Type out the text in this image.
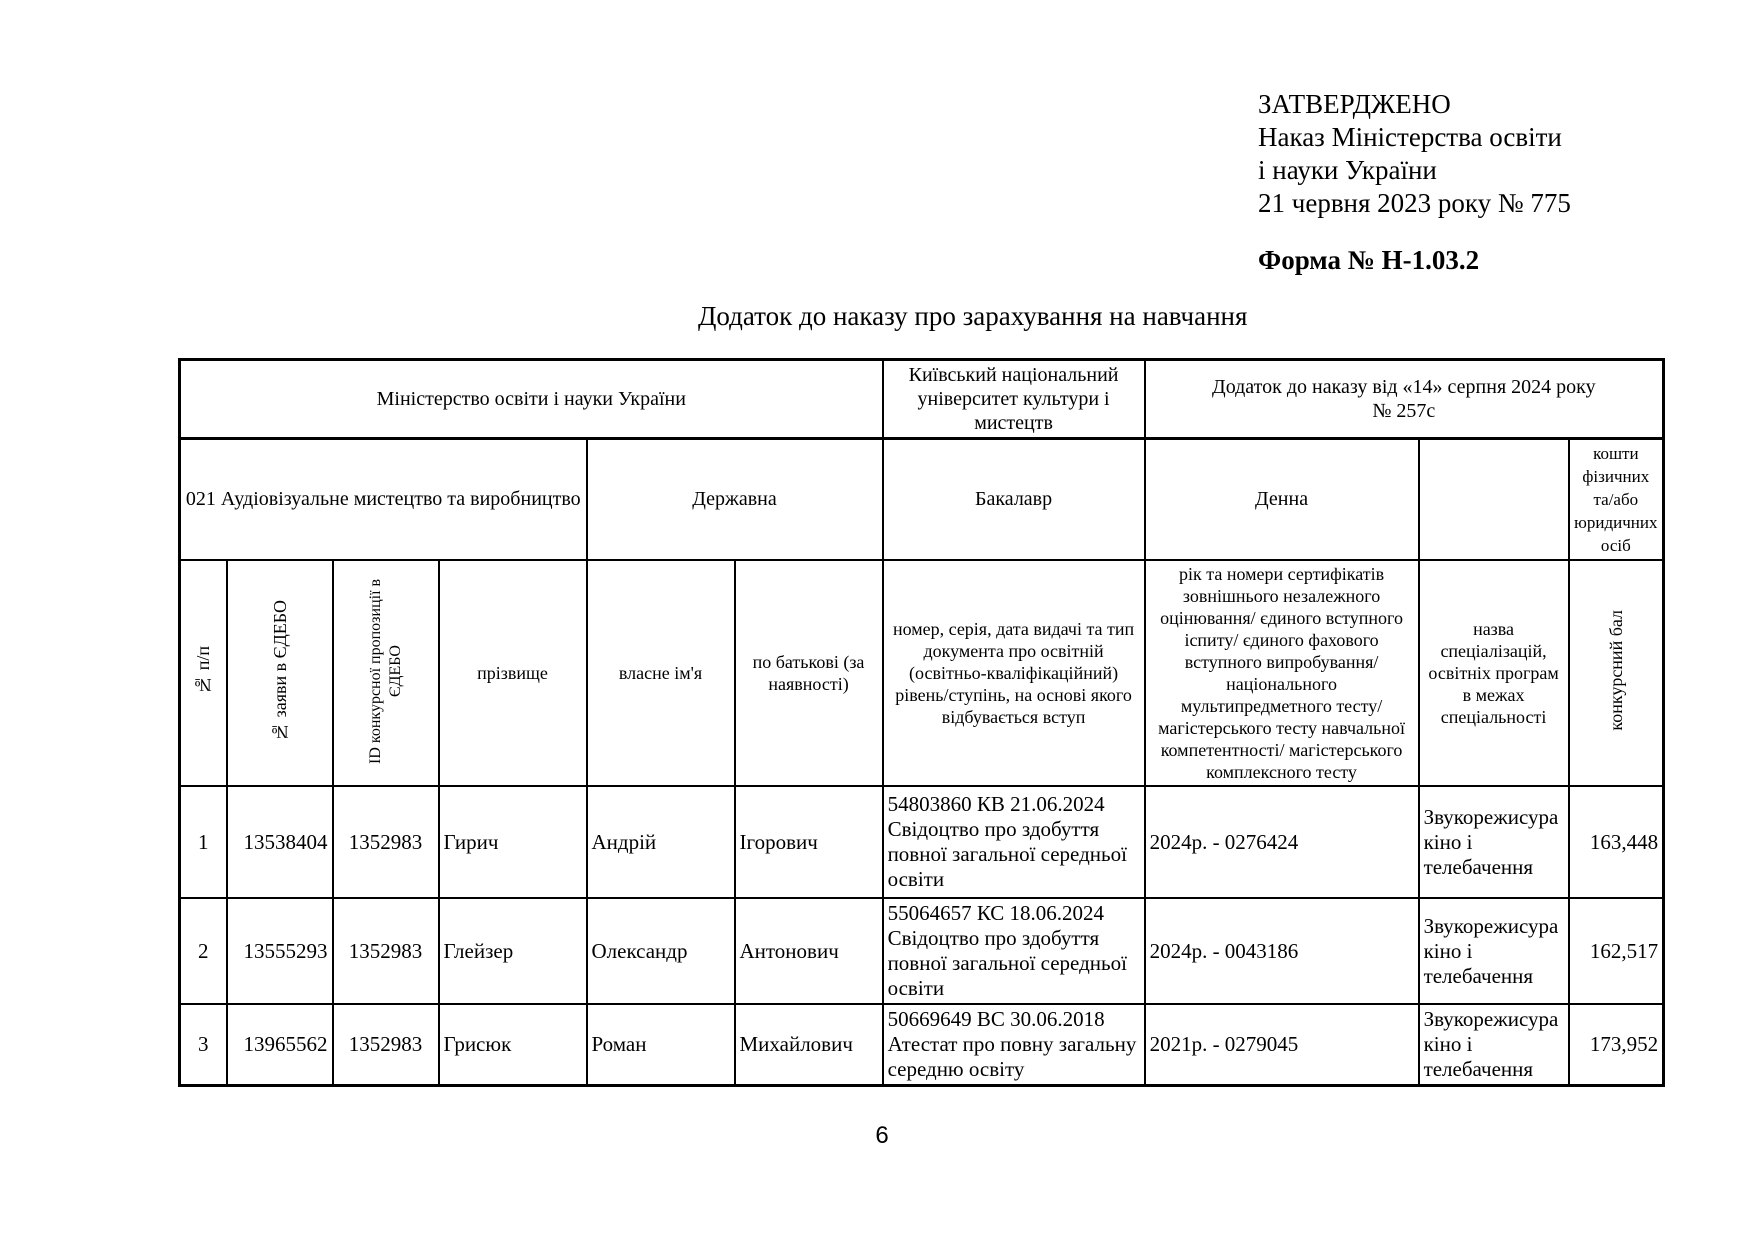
ЗАТВЕРДЖЕНО
Наказ Міністерства освіти
і науки України
21 червня 2023 року № 775
Форма № Н-1.03.2
Додаток до наказу про зарахування на навчання
Міністерство освіти і науки України						Київський національний університет культури і мистецтв	Додаток до наказу від «14» серпня 2024 року
№ 257с		

021 Аудіовізуальне мистецтво та виробництво				Державна		Бакалавр	Денна		кошти фізичних та/або юридичних осіб
№ п/п	№ заяви в ЄДЕБО	ID конкурсної пропозиції в ЄДЕБО	прізвище	власне ім'я	по батькові (за наявності)	номер, серія, дата видачі та тип документа про освітній (освітньо-кваліфікаційний) рівень/ступінь, на основі якого відбувається вступ	рік та номери сертифікатів зовнішнього незалежного оцінювання/ єдиного вступного іспиту/ єдиного фахового вступного випробування/ національного мультипредметного тесту/ магістерського тесту навчальної компетентності/ магістерського комплексного тесту	назва спеціалізацій, освітніх програм в межах спеціальності	конкурсний бал
1	13538404	1352983	Гирич	Андрій	Ігорович	54803860 КВ 21.06.2024 Свідоцтво про здобуття повної загальної середньої освіти	2024р. - 0276424	Звукорежисура кіно і телебачення	163,448
2	13555293	1352983	Глейзер	Олександр	Антонович	55064657 КС 18.06.2024 Свідоцтво про здобуття повної загальної середньої освіти	2024р. - 0043186	Звукорежисура кіно і телебачення	162,517
3	13965562	1352983	Грисюк	Роман	Михайлович	50669649 ВС 30.06.2018 Атестат про повну загальну середню освіту	2021р. - 0279045	Звукорежисура кіно і телебачення	173,952
6
